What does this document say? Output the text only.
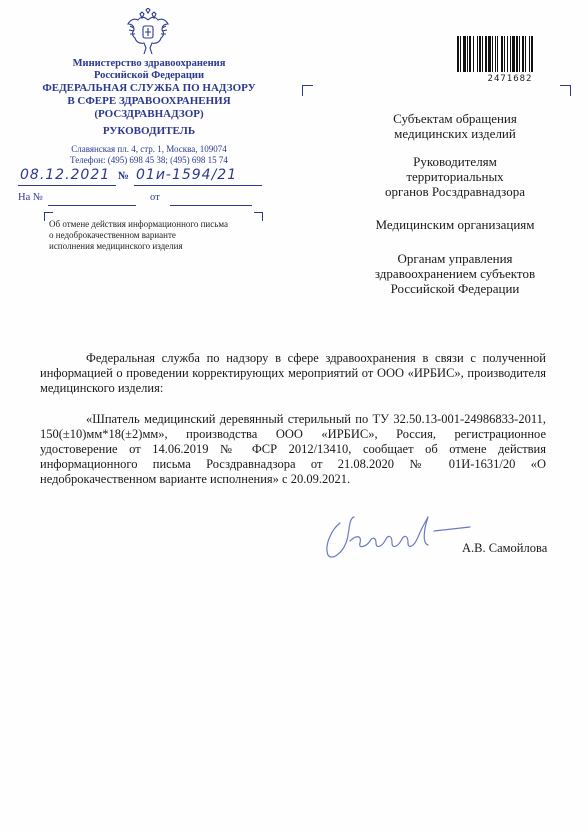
Министерство здравоохранения
Российской Федерации
ФЕДЕРАЛЬНАЯ СЛУЖБА ПО НАДЗОРУ
В СФЕРЕ ЗДРАВООХРАНЕНИЯ
(РОСЗДРАВНАДЗОР)
РУКОВОДИТЕЛЬ
Славянская пл. 4, стр. 1, Москва, 109074
Телефон: (495) 698 45 38; (495) 698 15 74
08.12.2021 № 01и-1594/21
На №	от
Об отмене действия информационного письма
о недоброкачественном варианте
исполнения медицинского изделия
2471682
Субъектам обращения
медицинских изделий
Руководителям
территориальных
органов Росздравнадзора
Медицинским организациям
Органам управления
здравоохранением субъектов
Российской Федерации
Федеральная служба по надзору в сфере здравоохранения в связи с полученной информацией о проведении корректирующих мероприятий от ООО «ИРБИС», производителя медицинского изделия:
«Шпатель медицинский деревянный стерильный по ТУ 32.50.13-001-24986833-2011, 150(±10)мм*18(±2)мм», производства ООО «ИРБИС», Россия, регистрационное удостоверение от 14.06.2019 № ФСР 2012/13410, сообщает об отмене действия информационного письма Росздравнадзора от 21.08.2020 № 01И-1631/20 «О недоброкачественном варианте исполнения» с 20.09.2021.
А.В. Самойлова
